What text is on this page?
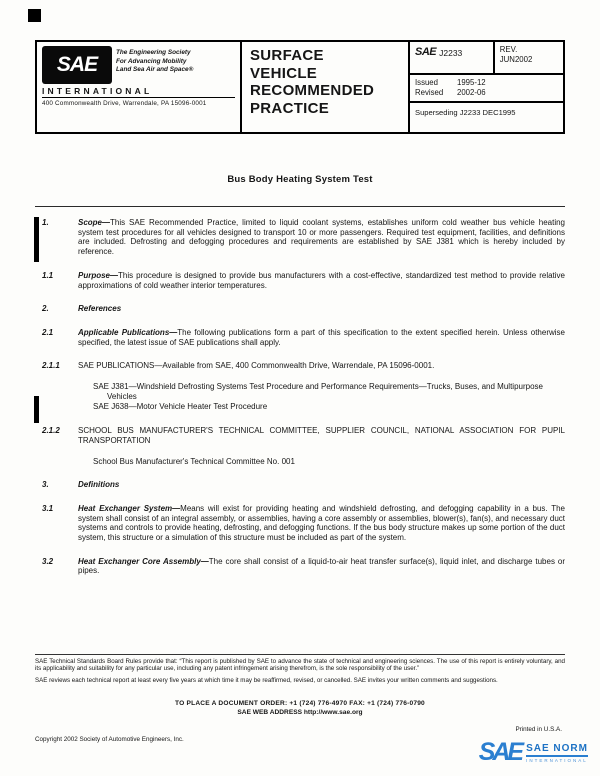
SAE
The Engineering Society
For Advancing Mobility
Land Sea Air and Space®
INTERNATIONAL
400 Commonwealth Drive, Warrendale, PA 15096-0001
SURFACE
VEHICLE
RECOMMENDED
PRACTICE
SAE J2233	REV.
JUN2002
Issued	1995-12
Revised	2002-06
Superseding J2233 DEC1995
Bus Body Heating System Test
1.	Scope—This SAE Recommended Practice, limited to liquid coolant systems, establishes uniform cold weather bus vehicle heating system test procedures for all vehicles designed to transport 10 or more passengers. Required test equipment, facilities, and definitions are included. Defrosting and defogging procedures and requirements are established by SAE J381 which is hereby included by reference.
1.1	Purpose—This procedure is designed to provide bus manufacturers with a cost-effective, standardized test method to provide relative approximations of cold weather interior temperatures.
2.	References
2.1	Applicable Publications—The following publications form a part of this specification to the extent specified herein. Unless otherwise specified, the latest issue of SAE publications shall apply.
2.1.1	SAE PUBLICATIONS—Available from SAE, 400 Commonwealth Drive, Warrendale, PA 15096-0001.
SAE J381—Windshield Defrosting Systems Test Procedure and Performance Requirements—Trucks, Buses, and Multipurpose Vehicles
SAE J638—Motor Vehicle Heater Test Procedure
2.1.2	SCHOOL BUS MANUFACTURER'S TECHNICAL COMMITTEE, SUPPLIER COUNCIL, NATIONAL ASSOCIATION FOR PUPIL TRANSPORTATION
School Bus Manufacturer's Technical Committee No. 001
3.	Definitions
3.1	Heat Exchanger System—Means will exist for providing heating and windshield defrosting, and defogging capability in a bus. The system shall consist of an integral assembly, or assemblies, having a core assembly or assemblies, blower(s), fan(s), and necessary duct systems and controls to provide heating, defrosting, and defogging functions. If the bus body structure makes up some portion of the duct system, this structure or a simulation of this structure must be included as part of the system.
3.2	Heat Exchanger Core Assembly—The core shall consist of a liquid-to-air heat transfer surface(s), liquid inlet, and discharge tubes or pipes.
SAE Technical Standards Board Rules provide that: “This report is published by SAE to advance the state of technical and engineering sciences. The use of this report is entirely voluntary, and its applicability and suitability for any particular use, including any patent infringement arising therefrom, is the sole responsibility of the user.”
SAE reviews each technical report at least every five years at which time it may be reaffirmed, revised, or cancelled. SAE invites your written comments and suggestions.
TO PLACE A DOCUMENT ORDER: +1 (724) 776-4970 FAX: +1 (724) 776-0790
SAE WEB ADDRESS http://www.sae.org
Copyright 2002 Society of Automotive Engineers, Inc.
Printed in U.S.A.
SAE SAE NORM
INTERNATIONAL
